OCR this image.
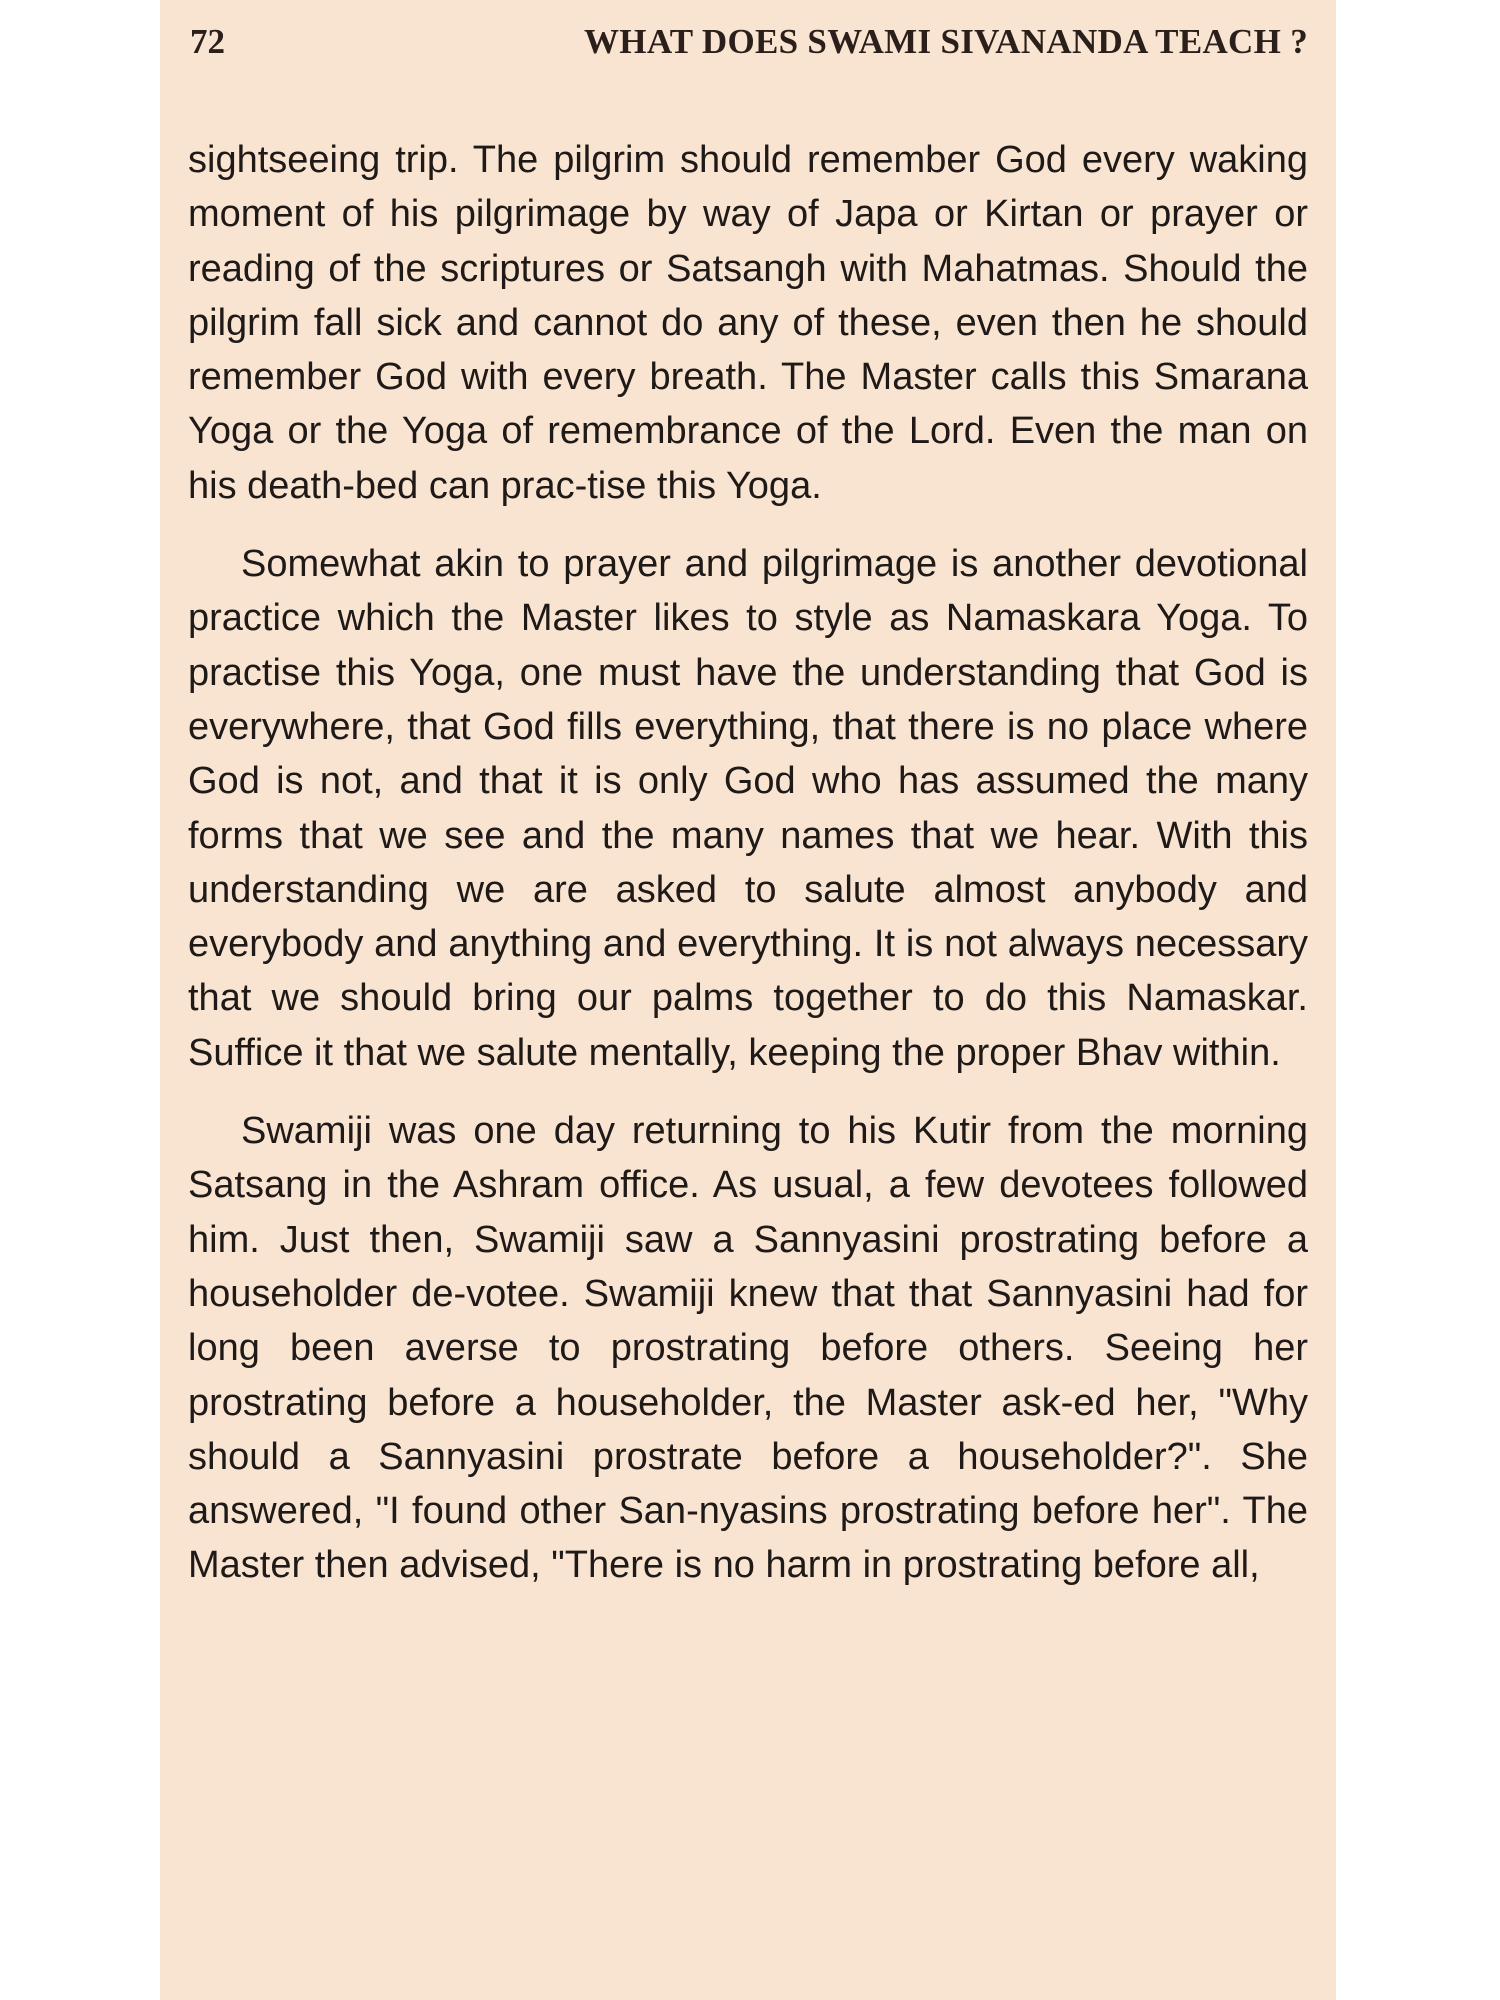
72	WHAT DOES SWAMI SIVANANDA TEACH ?

sightseeing trip. The pilgrim should remember God every waking moment of his pilgrimage by way of Japa or Kirtan or prayer or reading of the scriptures or Satsangh with Mahatmas. Should the pilgrim fall sick and cannot do any of these, even then he should remember God with every breath. The Master calls this Smarana Yoga or the Yoga of remembrance of the Lord. Even the man on his death-bed can prac-tise this Yoga.

Somewhat akin to prayer and pilgrimage is another devotional practice which the Master likes to style as Namaskara Yoga. To practise this Yoga, one must have the understanding that God is everywhere, that God fills everything, that there is no place where God is not, and that it is only God who has assumed the many forms that we see and the many names that we hear. With this understanding we are asked to salute almost anybody and everybody and anything and everything. It is not always necessary that we should bring our palms together to do this Namaskar. Suffice it that we salute mentally, keeping the proper Bhav within.

Swamiji was one day returning to his Kutir from the morning Satsang in the Ashram office. As usual, a few devotees followed him. Just then, Swamiji saw a Sannyasini prostrating before a householder de-votee. Swamiji knew that that Sannyasini had for long been averse to prostrating before others. Seeing her prostrating before a householder, the Master ask-ed her, "Why should a Sannyasini prostrate before a householder?". She answered, "I found other San-nyasins prostrating before her". The Master then advised, "There is no harm in prostrating before all,
